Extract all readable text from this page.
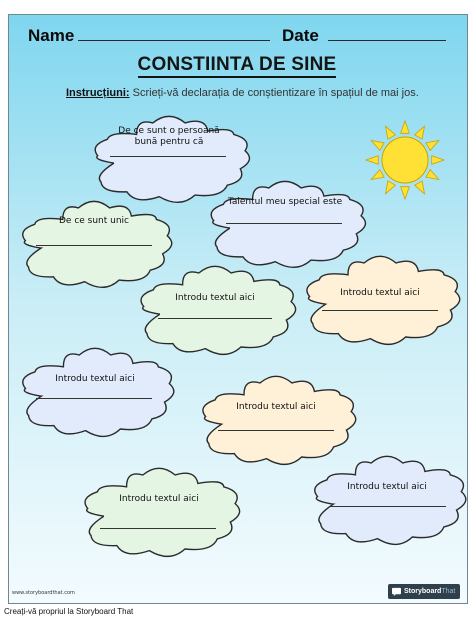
Name	Date
CONSTIINTA DE SINE
Instrucțiuni: Scrieți-vă declarația de conștientizare în spațiul de mai jos.
De ce sunt o persoană bună pentru că
Talentul meu special este
De ce sunt unic
Introdu textul aici	Introdu textul aici
Introdu textul aici
Introdu textul aici
Introdu textul aici
Introdu textul aici
www.storyboardthat.com	Storyboard That
Creați-vă propriul la Storyboard That
